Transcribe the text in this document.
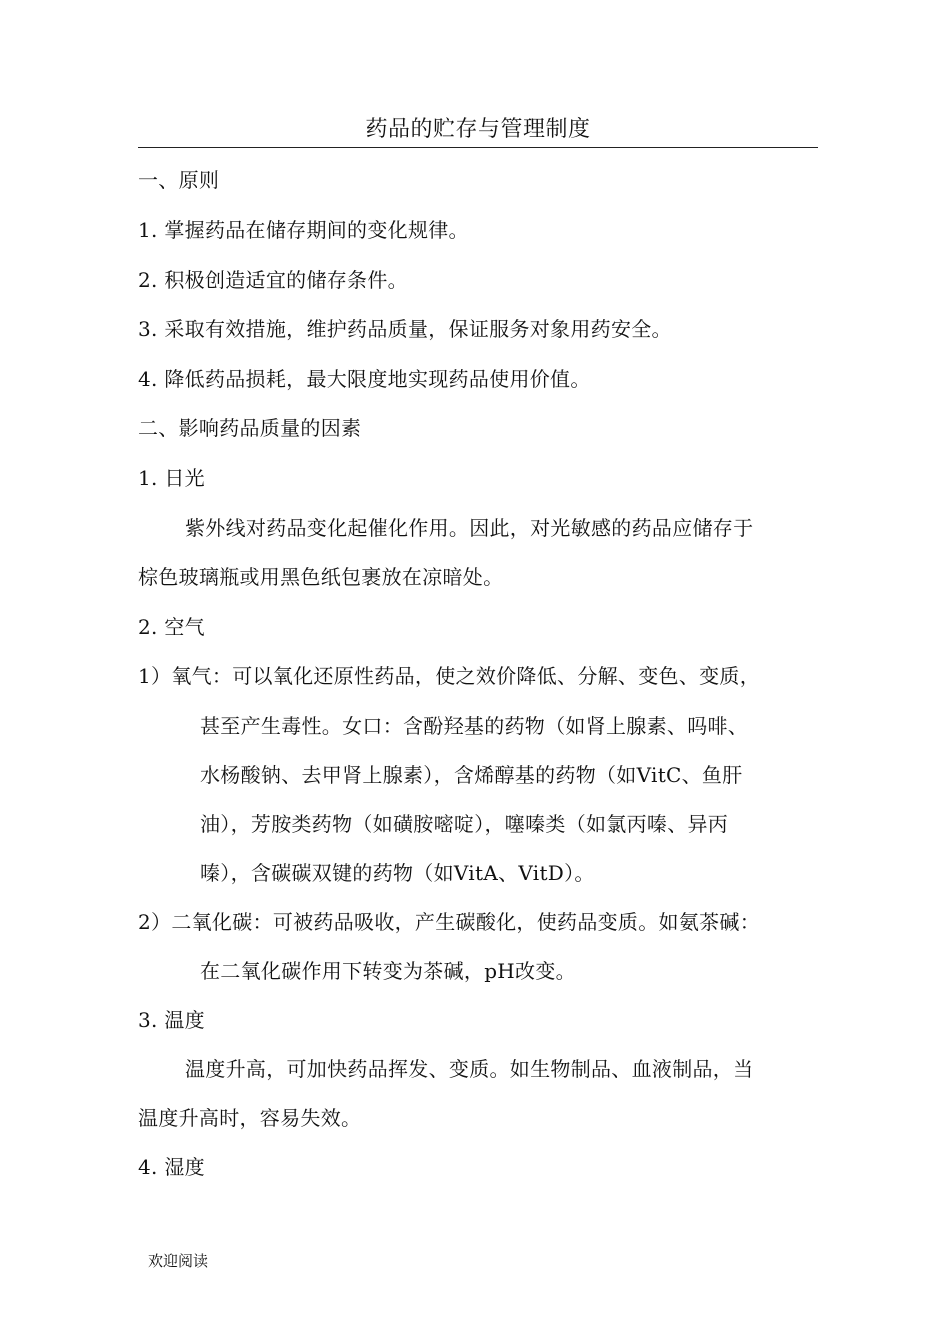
药品的贮存与管理制度
一、原则
1. 掌握药品在储存期间的变化规律。
2. 积极创造适宜的储存条件。
3. 采取有效措施，维护药品质量，保证服务对象用药安全。
4. 降低药品损耗，最大限度地实现药品使用价值。
二、影响药品质量的因素
1. 日光
紫外线对药品变化起催化作用。因此，对光敏感的药品应储存于
棕色玻璃瓶或用黑色纸包裹放在凉暗处。
2. 空气
1）氧气：可以氧化还原性药品，使之效价降低、分解、变色、变质，
甚至产生毒性。女口：含酚羟基的药物（如肾上腺素、吗啡、
水杨酸钠、去甲肾上腺素），含烯醇基的药物（如VitC、鱼肝
油），芳胺类药物（如磺胺嘧啶），噻嗪类（如氯丙嗪、异丙
嗪），含碳碳双键的药物（如VitA、VitD）。
2）二氧化碳：可被药品吸收，产生碳酸化，使药品变质。如氨茶碱：
在二氧化碳作用下转变为茶碱，pH改变。
3. 温度
温度升高，可加快药品挥发、变质。如生物制品、血液制品，当
温度升高时，容易失效。
4. 湿度
欢迎阅读
